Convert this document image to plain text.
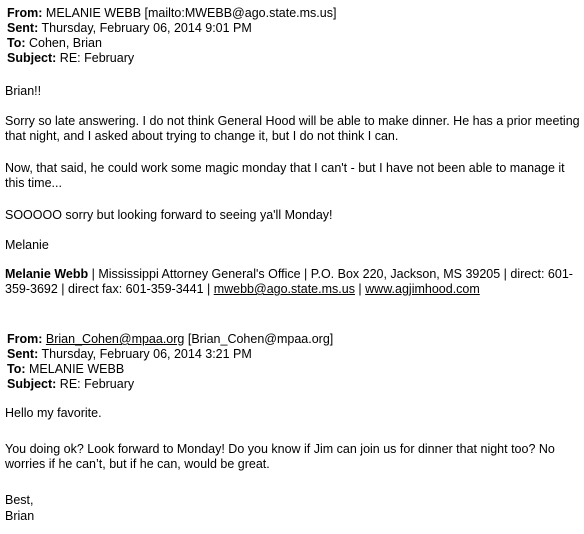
From: MELANIE WEBB [mailto:MWEBB@ago.state.ms.us]
Sent: Thursday, February 06, 2014 9:01 PM
To: Cohen, Brian
Subject: RE: February
Brian!!
Sorry so late answering. I do not think General Hood will be able to make dinner. He has a prior meeting that night, and I asked about trying to change it, but I do not think I can.
Now, that said, he could work some magic monday that I can't - but I have not been able to manage it this time...
SOOOOO sorry but looking forward to seeing ya'll Monday!
Melanie
Melanie Webb | Mississippi Attorney General's Office | P.O. Box 220, Jackson, MS 39205 | direct: 601-359-3692 | direct fax: 601-359-3441 | mwebb@ago.state.ms.us | www.agjimhood.com
From: Brian_Cohen@mpaa.org [Brian_Cohen@mpaa.org]
Sent: Thursday, February 06, 2014 3:21 PM
To: MELANIE WEBB
Subject: RE: February
Hello my favorite.
You doing ok? Look forward to Monday! Do you know if Jim can join us for dinner that night too? No worries if he can’t, but if he can, would be great.
Best,
Brian
